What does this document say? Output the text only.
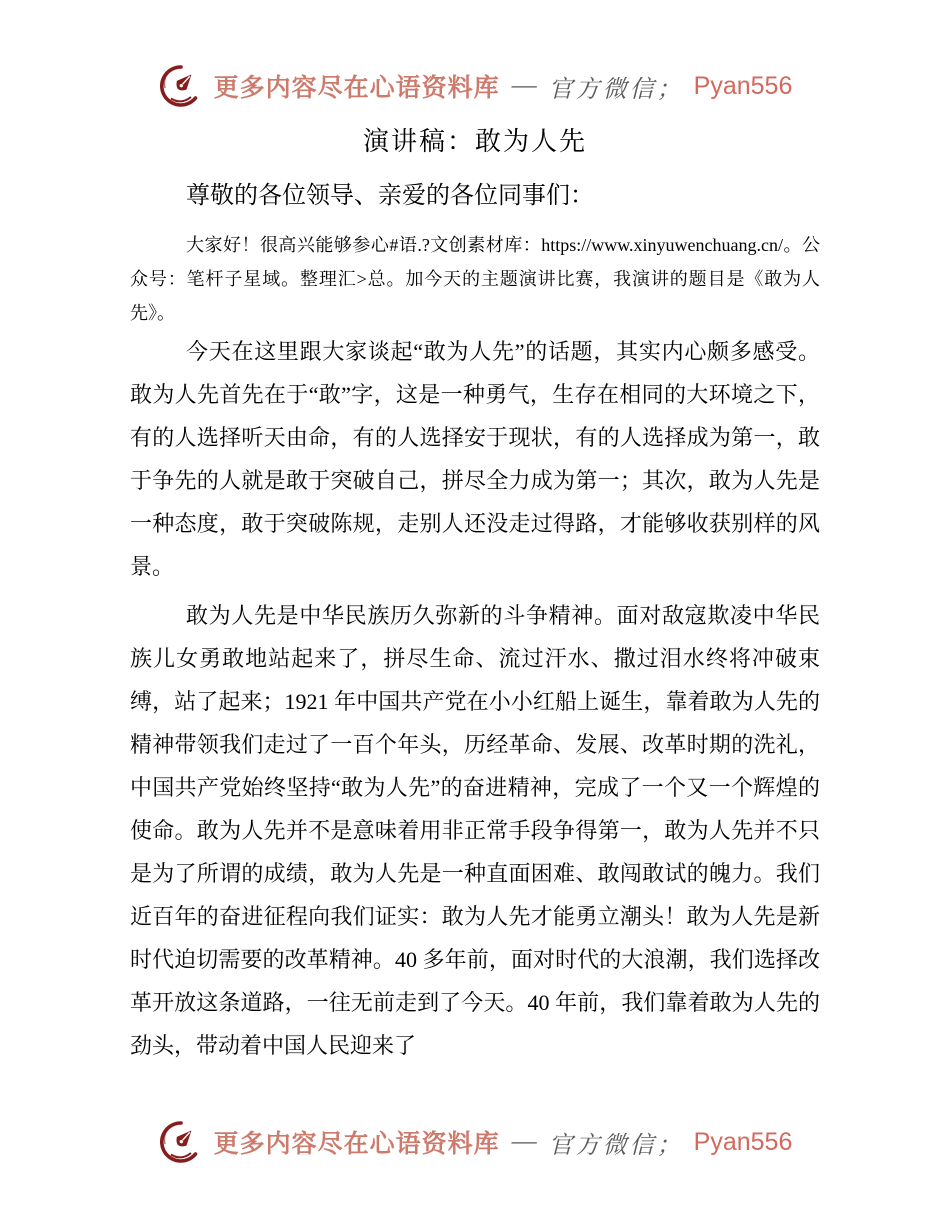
更多内容尽在心语资料库 — 官方微信； Pyan556
演讲稿：敢为人先

尊敬的各位领导、亲爱的各位同事们：

大家好！很高兴能够参心#语.?文创素材库：https://www.xinyuwenchuang.cn/。公众号：笔杆子星域。整理汇>总。加今天的主题演讲比赛，我演讲的题目是《敢为人先》。

今天在这里跟大家谈起“敢为人先”的话题，其实内心颇多感受。敢为人先首先在于“敢”字，这是一种勇气，生存在相同的大环境之下，有的人选择听天由命，有的人选择安于现状，有的人选择成为第一，敢于争先的人就是敢于突破自己，拼尽全力成为第一；其次，敢为人先是一种态度，敢于突破陈规，走别人还没走过得路，才能够收获别样的风景。

敢为人先是中华民族历久弥新的斗争精神。面对敌寇欺凌中华民族儿女勇敢地站起来了，拼尽生命、流过汗水、撒过泪水终将冲破束缚，站了起来；1921 年中国共产党在小小红船上诞生，靠着敢为人先的精神带领我们走过了一百个年头，历经革命、发展、改革时期的洗礼，中国共产党始终坚持“敢为人先”的奋进精神，完成了一个又一个辉煌的使命。敢为人先并不是意味着用非正常手段争得第一，敢为人先并不只是为了所谓的成绩，敢为人先是一种直面困难、敢闯敢试的魄力。我们近百年的奋进征程向我们证实：敢为人先才能勇立潮头！敢为人先是新时代迫切需要的改革精神。40 多年前，面对时代的大浪潮，我们选择改革开放这条道路，一往无前走到了今天。40 年前，我们靠着敢为人先的劲头，带动着中国人民迎来了

更多内容尽在心语资料库 — 官方微信； Pyan556
